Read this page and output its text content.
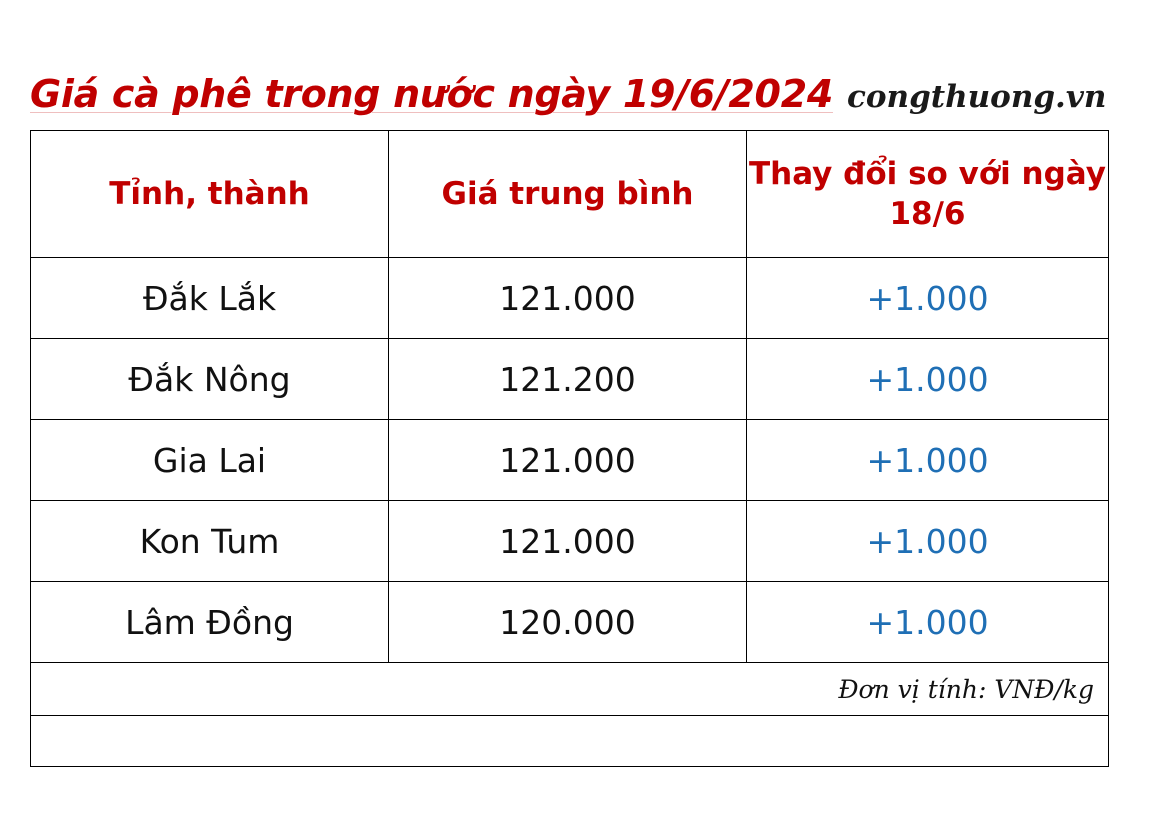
Giá cà phê trong nước ngày 19/6/2024 congthuong.vn
Tỉnh, thành	Giá trung bình	Thay đổi so với ngày 18/6
Đắk Lắk	121.000	+1.000
Đắk Nông	121.200	+1.000
Gia Lai	121.000	+1.000
Kon Tum	121.000	+1.000
Lâm Đồng	120.000	+1.000

Đơn vị tính: VNĐ/kg		
